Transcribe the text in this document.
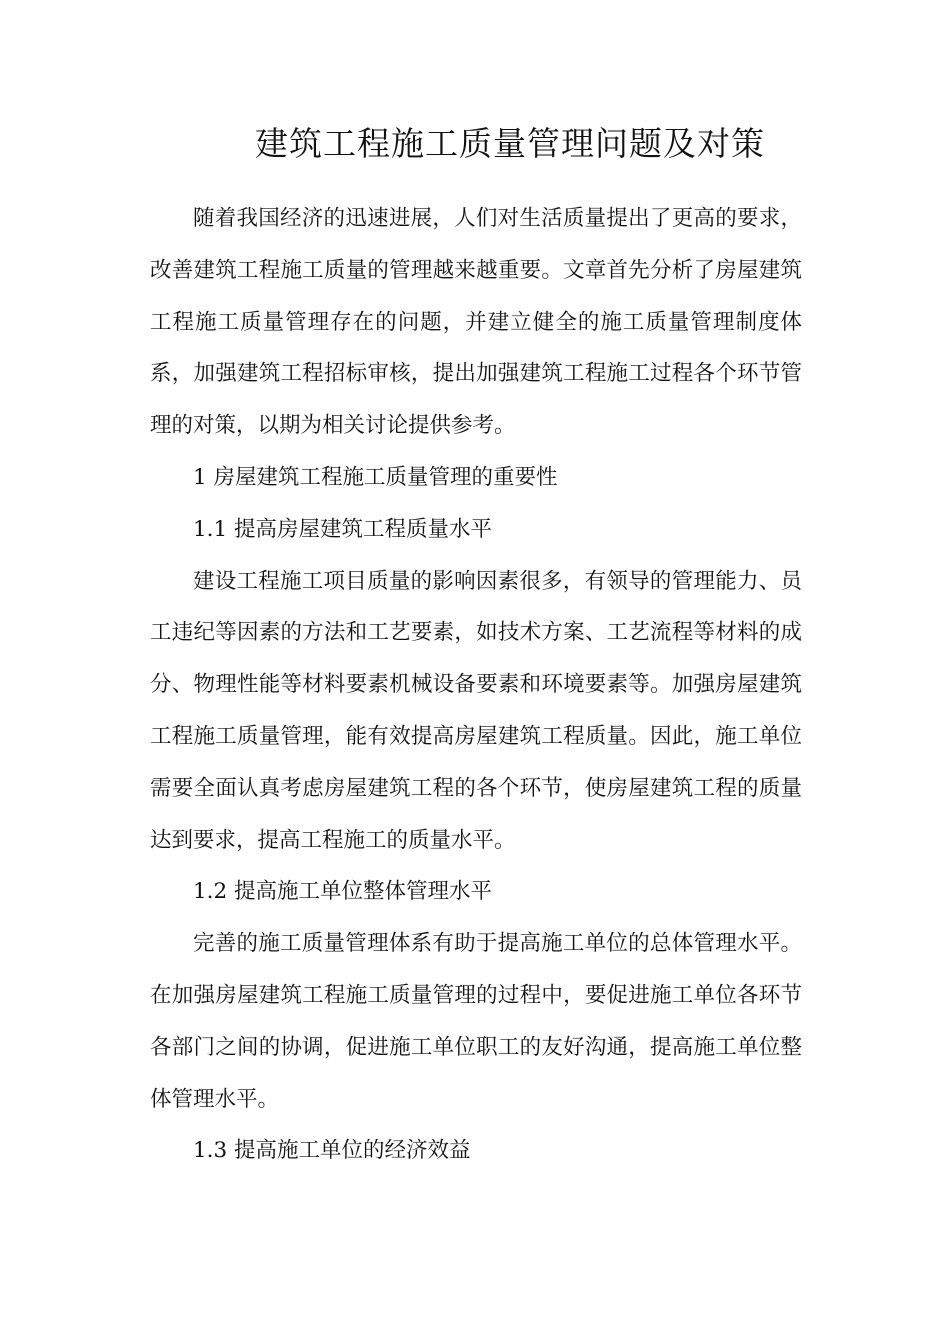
建筑工程施工质量管理问题及对策

随着我国经济的迅速进展，人们对生活质量提出了更高的要求，改善建筑工程施工质量的管理越来越重要。文章首先分析了房屋建筑工程施工质量管理存在的问题，并建立健全的施工质量管理制度体系，加强建筑工程招标审核，提出加强建筑工程施工过程各个环节管理的对策，以期为相关讨论提供参考。

1 房屋建筑工程施工质量管理的重要性

1.1 提高房屋建筑工程质量水平

建设工程施工项目质量的影响因素很多，有领导的管理能力、员工违纪等因素的方法和工艺要素，如技术方案、工艺流程等材料的成分、物理性能等材料要素机械设备要素和环境要素等。加强房屋建筑工程施工质量管理，能有效提高房屋建筑工程质量。因此，施工单位需要全面认真考虑房屋建筑工程的各个环节，使房屋建筑工程的质量达到要求，提高工程施工的质量水平。

1.2 提高施工单位整体管理水平

完善的施工质量管理体系有助于提高施工单位的总体管理水平。在加强房屋建筑工程施工质量管理的过程中，要促进施工单位各环节各部门之间的协调，促进施工单位职工的友好沟通，提高施工单位整体管理水平。

1.3 提高施工单位的经济效益
